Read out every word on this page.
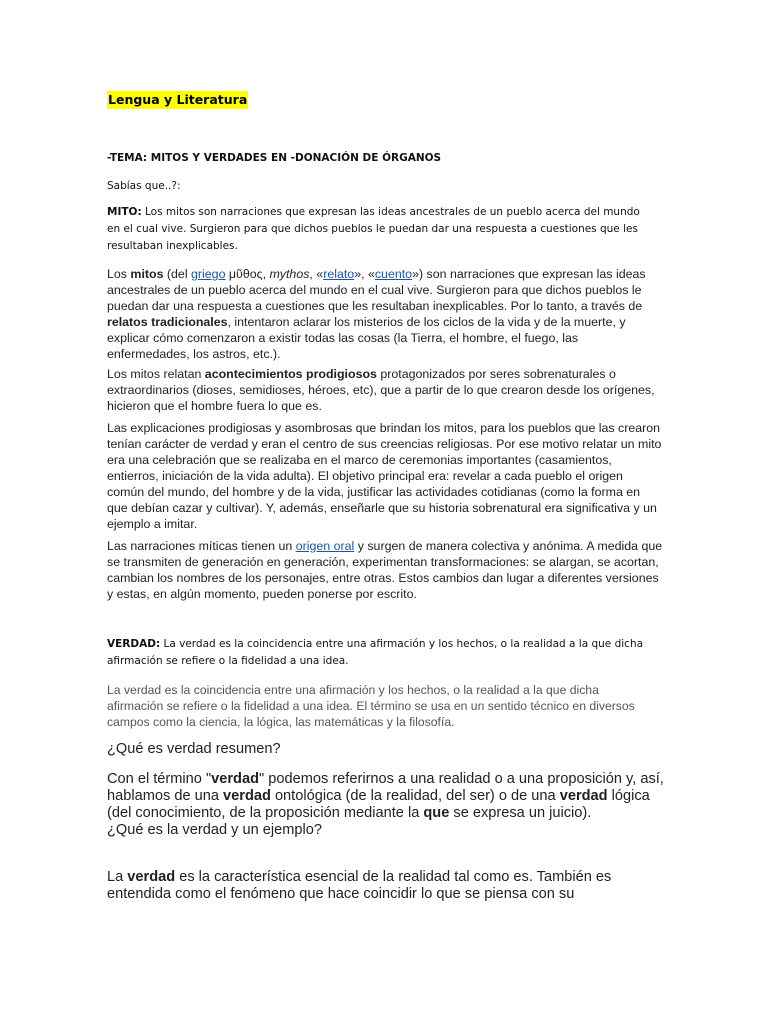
Lengua y Literatura
-TEMA: MITOS Y VERDADES EN -DONACIÓN DE ÓRGANOS
Sabías que..?:
MITO: Los mitos son narraciones que expresan las ideas ancestrales de un pueblo acerca del mundo en el cual vive. Surgieron para que dichos pueblos le puedan dar una respuesta a cuestiones que les resultaban inexplicables.
Los mitos (del griego μῦθος, mythos, «relato», «cuento») son narraciones que expresan las ideas ancestrales de un pueblo acerca del mundo en el cual vive. Surgieron para que dichos pueblos le puedan dar una respuesta a cuestiones que les resultaban inexplicables. Por lo tanto, a través de relatos tradicionales, intentaron aclarar los misterios de los ciclos de la vida y de la muerte, y explicar cómo comenzaron a existir todas las cosas (la Tierra, el hombre, el fuego, las enfermedades, los astros, etc.).
Los mitos relatan acontecimientos prodigiosos protagonizados por seres sobrenaturales o extraordinarios (dioses, semidioses, héroes, etc), que a partir de lo que crearon desde los orígenes, hicieron que el hombre fuera lo que es.
Las explicaciones prodigiosas y asombrosas que brindan los mitos, para los pueblos que las crearon tenían carácter de verdad y eran el centro de sus creencias religiosas. Por ese motivo relatar un mito era una celebración que se realizaba en el marco de ceremonias importantes (casamientos, entierros, iniciación de la vida adulta). El objetivo principal era: revelar a cada pueblo el origen común del mundo, del hombre y de la vida, justificar las actividades cotidianas (como la forma en que debían cazar y cultivar). Y, además, enseñarle que su historia sobrenatural era significativa y un ejemplo a imitar.
Las narraciones míticas tienen un origen oral y surgen de manera colectiva y anónima. A medida que se transmiten de generación en generación, experimentan transformaciones: se alargan, se acortan, cambian los nombres de los personajes, entre otras. Estos cambios dan lugar a diferentes versiones y estas, en algún momento, pueden ponerse por escrito.
VERDAD: La verdad es la coincidencia entre una afirmación y los hechos, o la realidad a la que dicha afirmación se refiere o la fidelidad a una idea.
La verdad es la coincidencia entre una afirmación y los hechos, o la realidad a la que dicha afirmación se refiere o la fidelidad a una idea. El término se usa en un sentido técnico en diversos campos como la ciencia, la lógica, las matemáticas y la filosofía.
¿Qué es verdad resumen?
Con el término "verdad" podemos referirnos a una realidad o a una proposición y, así, hablamos de una verdad ontológica (de la realidad, del ser) o de una verdad lógica (del conocimiento, de la proposición mediante la que se expresa un juicio).
¿Qué es la verdad y un ejemplo?
La verdad es la característica esencial de la realidad tal como es. También es entendida como el fenómeno que hace coincidir lo que se piensa con su
